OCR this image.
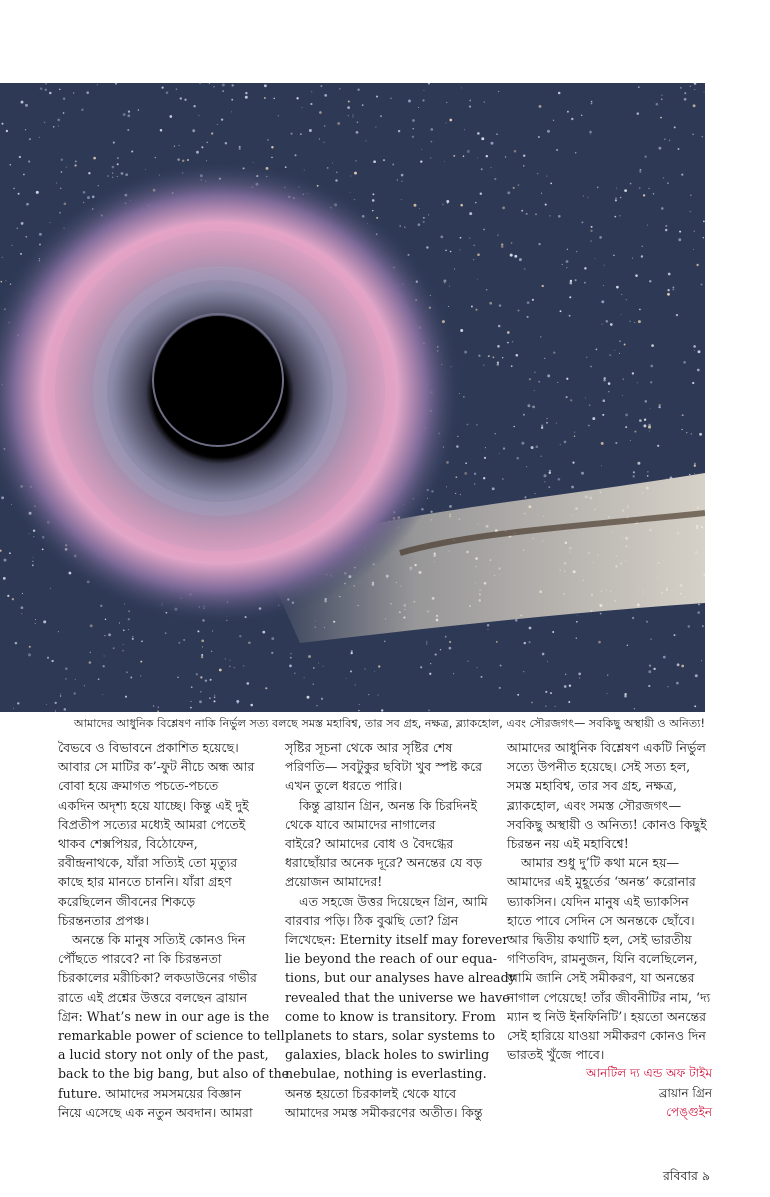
আমাদের আধুনিক বিশ্লেষণ নাকি নির্ভুল সত্য বলছে সমস্ত মহাবিশ্ব, তার সব গ্রহ, নক্ষত্র, ব্ল্যাকহোল, এবং সৌরজগৎ— সবকিছু অস্থায়ী ও অনিত্য!
বৈভবে ও বিভাবনে প্রকাশিত হয়েছে।
আবার সে মাটির ক’-ফুট নীচে অন্ধ আর
বোবা হয়ে ক্রমাগত পচতে-পচতে
একদিন অদৃশ্য হয়ে যাচ্ছে। কিন্তু এই দুই
বিপ্রতীপ সত্যের মধ্যেই আমরা পেতেই
থাকব শেক্সপিয়র, বিঠোফেন,
রবীন্দ্রনাথকে, যাঁরা সত্যিই তো মৃত্যুর
কাছে হার মানতে চাননি। যাঁরা গ্রহণ
করেছিলেন জীবনের শিকড়ে
চিরন্তনতার প্রপঞ্চ।
অনন্তে কি মানুষ সত্যিই কোনও দিন
পৌঁছতে পারবে? না কি চিরন্তনতা
চিরকালের মরীচিকা? লকডাউনের গভীর
রাতে এই প্রশ্নের উত্তরে বলছেন ব্রায়ান
গ্রিন: What’s new in our age is the
remarkable power of science to tell
a lucid story not only of the past,
back to the big bang, but also of the
future. আমাদের সমসময়ের বিজ্ঞান
নিয়ে এসেছে এক নতুন অবদান। আমরা
সৃষ্টির সূচনা থেকে আর সৃষ্টির শেষ
পরিণতি— সবটুকুর ছবিটা খুব স্পষ্ট করে
এখন তুলে ধরতে পারি।
কিন্তু ব্রায়ান গ্রিন, অনন্ত কি চিরদিনই
থেকে যাবে আমাদের নাগালের
বাইরে? আমাদের বোধ ও বৈদগ্ধের
ধরাছোঁয়ার অনেক দূরে? অনন্তের যে বড়
প্রয়োজন আমাদের!
এত সহজে উত্তর দিয়েছেন গ্রিন, আমি
বারবার পড়ি। ঠিক বুঝছি তো? গ্রিন
লিখেছেন: Eternity itself may forever
lie beyond the reach of our equa-
tions, but our analyses have already
revealed that the universe we have
come to know is transitory. From
planets to stars, solar systems to
galaxies, black holes to swirling
nebulae, nothing is everlasting.
অনন্ত হয়তো চিরকালই থেকে যাবে
আমাদের সমস্ত সমীকরণের অতীত। কিন্তু
আমাদের আধুনিক বিশ্লেষণ একটি নির্ভুল
সত্যে উপনীত হয়েছে। সেই সত্য হল,
সমস্ত মহাবিশ্ব, তার সব গ্রহ, নক্ষত্র,
ব্ল্যাকহোল, এবং সমস্ত সৌরজগৎ—
সবকিছু অস্থায়ী ও অনিত্য! কোনও কিছুই
চিরন্তন নয় এই মহাবিশ্বে!
আমার শুধু দু’টি কথা মনে হয়—
আমাদের এই মুহূর্তের ‘অনন্ত’ করোনার
ভ্যাকসিন। যেদিন মানুষ এই ভ্যাকসিন
হাতে পাবে সেদিন সে অনন্তকে ছোঁবে।
আর দ্বিতীয় কথাটি হল, সেই ভারতীয়
গণিতবিদ, রামনুজন, যিনি বলেছিলেন,
আমি জানি সেই সমীকরণ, যা অনন্তের
নাগাল পেয়েছে! তাঁর জীবনীটির নাম, ‘দ্য
ম্যান হু নিউ ইনফিনিটি’। হয়তো অনন্তের
সেই হারিয়ে যাওয়া সমীকরণ কোনও দিন
ভারতই খুঁজে পাবে।
আনটিল দ্য এন্ড অফ টাইম
ব্রায়ান গ্রিন
পেঙ্গুইন
রবিবার ৯
